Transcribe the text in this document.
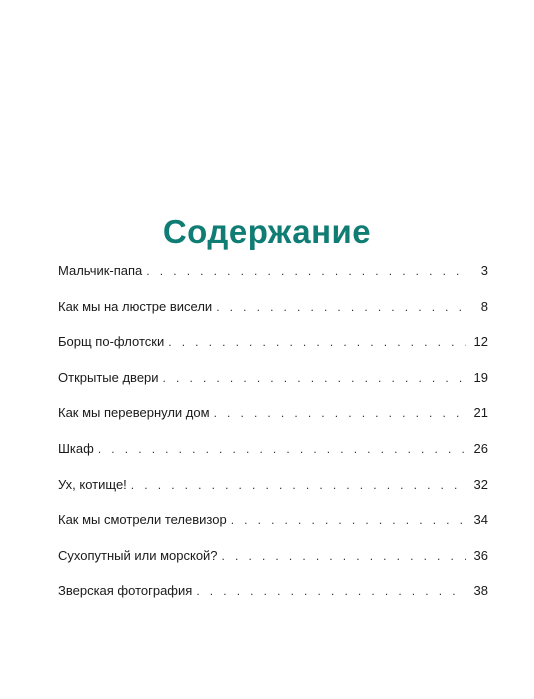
Содержание
Мальчик-папа . . .	3
Как мы на люстре висели . . .	8
Борщ по-флотски . . .	12
Открытые двери . . .	19
Как мы перевернули дом . . .	21
Шкаф . . .	26
Ух, котище! . . .	32
Как мы смотрели телевизор . . .	34
Сухопутный или морской? . . .	36
Зверская фотография . . .	38
